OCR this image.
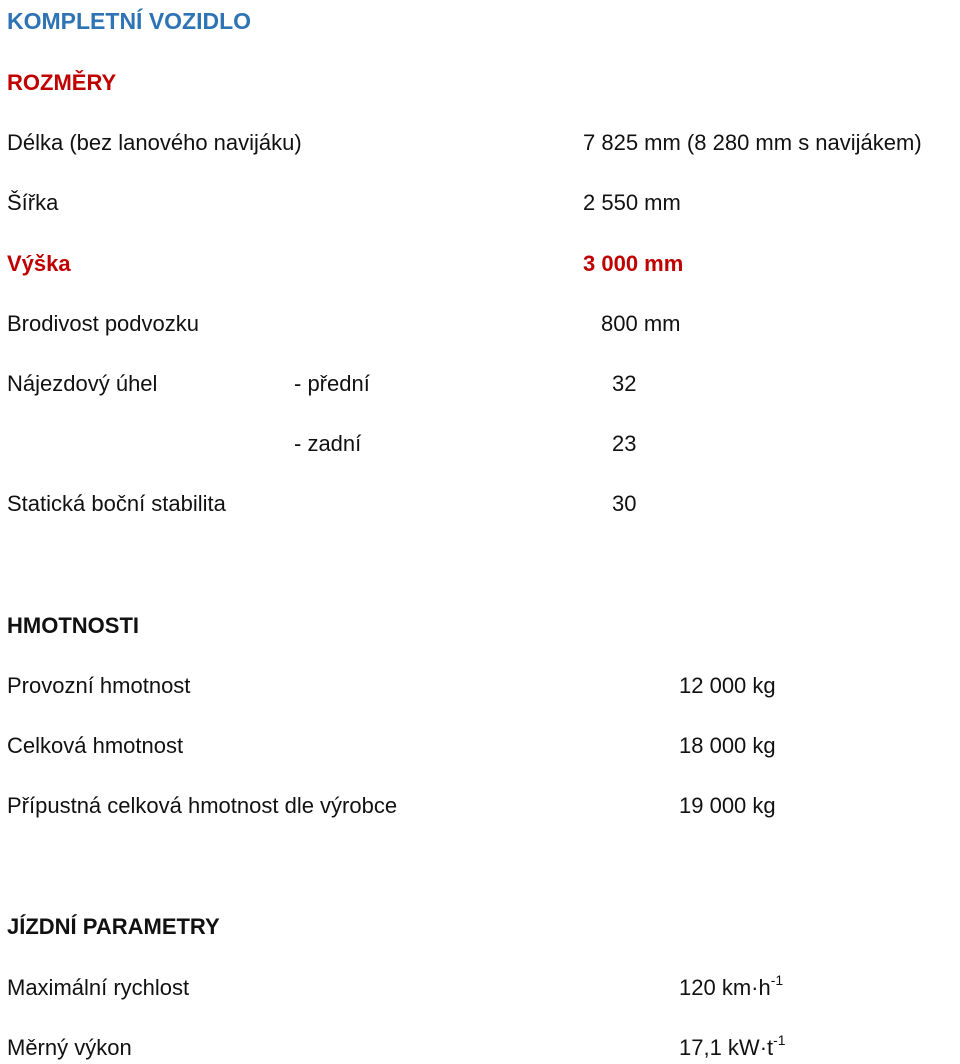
KOMPLETNÍ VOZIDLO
ROZMĚRY
Délka (bez lanového navijáku)	7 825 mm (8 280 mm s navijákem)
Šířka	2 550 mm
Výška	3 000 mm
Brodivost podvozku	800 mm
Nájezdový úhel	- přední	32
- zadní	23
Statická boční stabilita	30
HMOTNOSTI
Provozní hmotnost	12 000 kg
Celková hmotnost	18 000 kg
Přípustná celková hmotnost dle výrobce	19 000 kg
JÍZDNÍ PARAMETRY
Maximální rychlost	120 $km\cdot h^{-1}$
Měrný výkon	17,1 $kW\cdot t^{-1}$
